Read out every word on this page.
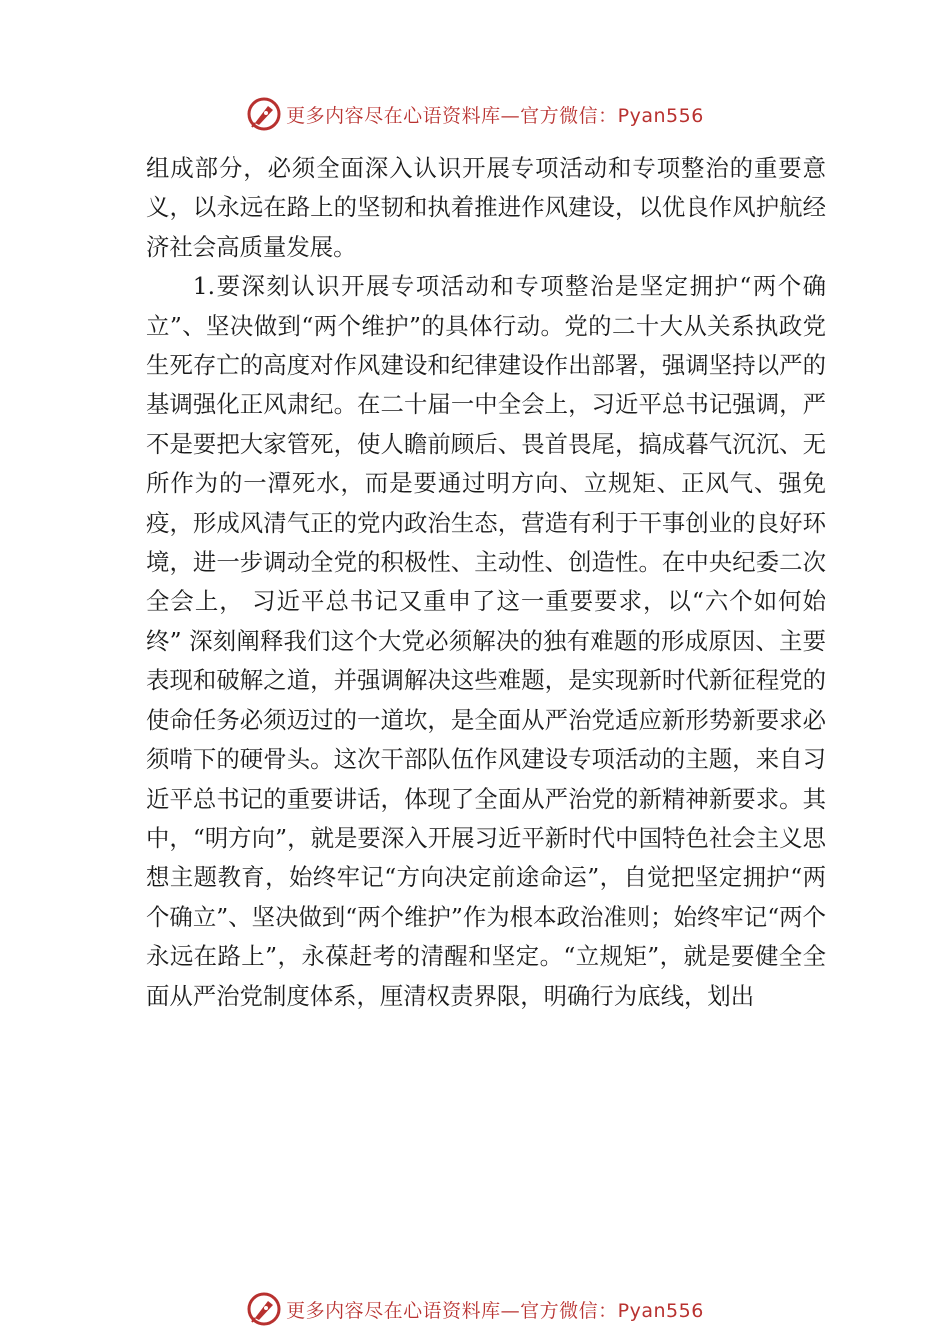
更多内容尽在心语资料库—官方微信：Pyan556

组成部分，必须全面深入认识开展专项活动和专项整治的重要意义，以永远在路上的坚韧和执着推进作风建设，以优良作风护航经济社会高质量发展。

1.要深刻认识开展专项活动和专项整治是坚定拥护“两个确立”、坚决做到“两个维护”的具体行动。党的二十大从关系执政党生死存亡的高度对作风建设和纪律建设作出部署，强调坚持以严的基调强化正风肃纪。在二十届一中全会上，习近平总书记强调，严不是要把大家管死，使人瞻前顾后、畏首畏尾，搞成暮气沉沉、无所作为的一潭死水，而是要通过明方向、立规矩、正风气、强免疫，形成风清气正的党内政治生态，营造有利于干事创业的良好环境，进一步调动全党的积极性、主动性、创造性。在中央纪委二次全会上， 习近平总书记又重申了这一重要要求，以“六个如何始终” 深刻阐释我们这个大党必须解决的独有难题的形成原因、主要表现和破解之道，并强调解决这些难题，是实现新时代新征程党的使命任务必须迈过的一道坎，是全面从严治党适应新形势新要求必须啃下的硬骨头。这次干部队伍作风建设专项活动的主题，来自习近平总书记的重要讲话，体现了全面从严治党的新精神新要求。其中，“明方向”，就是要深入开展习近平新时代中国特色社会主义思想主题教育，始终牢记“方向决定前途命运”，自觉把坚定拥护“两个确立”、坚决做到“两个维护”作为根本政治准则；始终牢记“两个永远在路上”，永葆赶考的清醒和坚定。“立规矩”，就是要健全全面从严治党制度体系，厘清权责界限，明确行为底线，划出

更多内容尽在心语资料库—官方微信：Pyan556
